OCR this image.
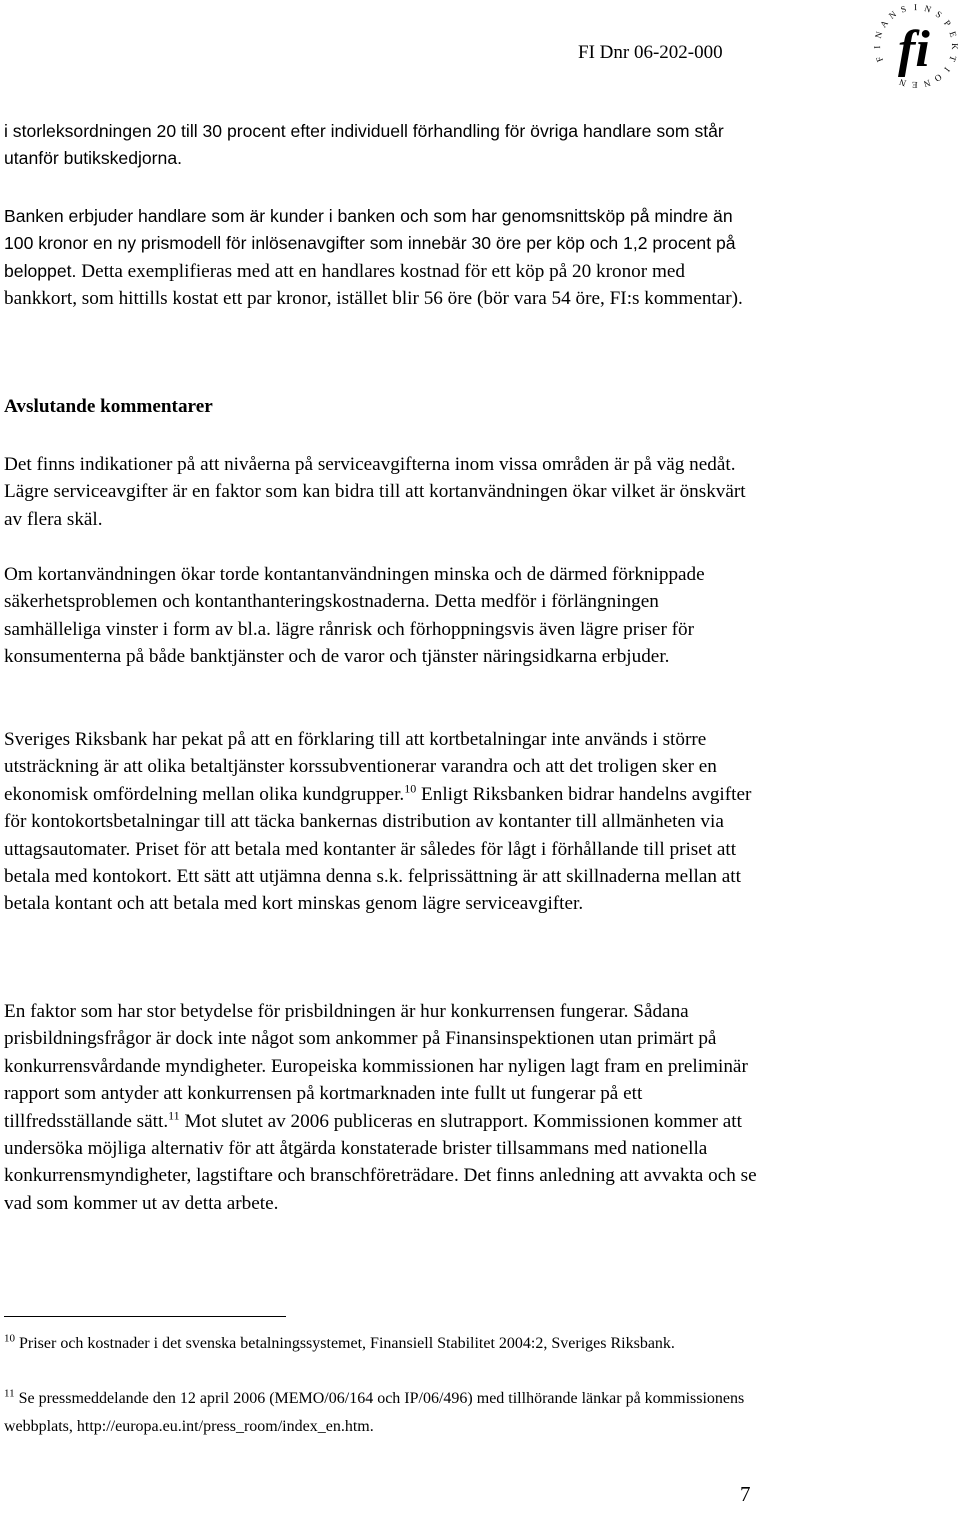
FI Dnr 06-202-000	F
I
N
A
N S I N S
P
E
K
T
I
O
N
E
N
fi

i storleksordningen 20 till 30 procent efter individuell förhandling för övriga handlare som står utanför butikskedjorna.

Banken erbjuder handlare som är kunder i banken och som har genomsnittsköp på mindre än 100 kronor en ny prismodell för inlösenavgifter som innebär 30 öre per köp och 1,2 procent på beloppet. Detta exemplifieras med att en handlares kostnad för ett köp på 20 kronor med bankkort, som hittills kostat ett par kronor, istället blir 56 öre (bör vara 54 öre, FI:s kommentar).

Avslutande kommentarer

Det finns indikationer på att nivåerna på serviceavgifterna inom vissa områden är på väg nedåt. Lägre serviceavgifter är en faktor som kan bidra till att kortanvändningen ökar vilket är önskvärt av flera skäl.

Om kortanvändningen ökar torde kontantanvändningen minska och de därmed förknippade säkerhetsproblemen och kontanthanteringskostnaderna. Detta medför i förlängningen samhälleliga vinster i form av bl.a. lägre rånrisk och förhoppningsvis även lägre priser för konsumenterna på både banktjänster och de varor och tjänster näringsidkarna erbjuder.

Sveriges Riksbank har pekat på att en förklaring till att kortbetalningar inte används i större utsträckning är att olika betaltjänster korssubventionerar varandra och att det troligen sker en ekonomisk omfördelning mellan olika kundgrupper.$^{10}$ Enligt Riksbanken bidrar handelns avgifter för kontokortsbetalningar till att täcka bankernas distribution av kontanter till allmänheten via uttagsautomater. Priset för att betala med kontanter är således för lågt i förhållande till priset att betala med kontokort. Ett sätt att utjämna denna s.k. felprissättning är att skillnaderna mellan att betala kontant och att betala med kort minskas genom lägre serviceavgifter.

En faktor som har stor betydelse för prisbildningen är hur konkurrensen fungerar. Sådana prisbildningsfrågor är dock inte något som ankommer på Finansinspektionen utan primärt på konkurrensvårdande myndigheter. Europeiska kommissionen har nyligen lagt fram en preliminär rapport som antyder att konkurrensen på kortmarknaden inte fullt ut fungerar på ett tillfredsställande sätt.$^{11}$ Mot slutet av 2006 publiceras en slutrapport. Kommissionen kommer att undersöka möjliga alternativ för att åtgärda konstaterade brister tillsammans med nationella konkurrensmyndigheter, lagstiftare och branschföreträdare. Det finns anledning att avvakta och se vad som kommer ut av detta arbete.

$^{10}$ Priser och kostnader i det svenska betalningssystemet, Finansiell Stabilitet 2004:2, Sveriges Riksbank.

$^{11}$ Se pressmeddelande den 12 april 2006 (MEMO/06/164 och IP/06/496) med tillhörande länkar på kommissionens webbplats, http://europa.eu.int/press_room/index_en.htm.

7
